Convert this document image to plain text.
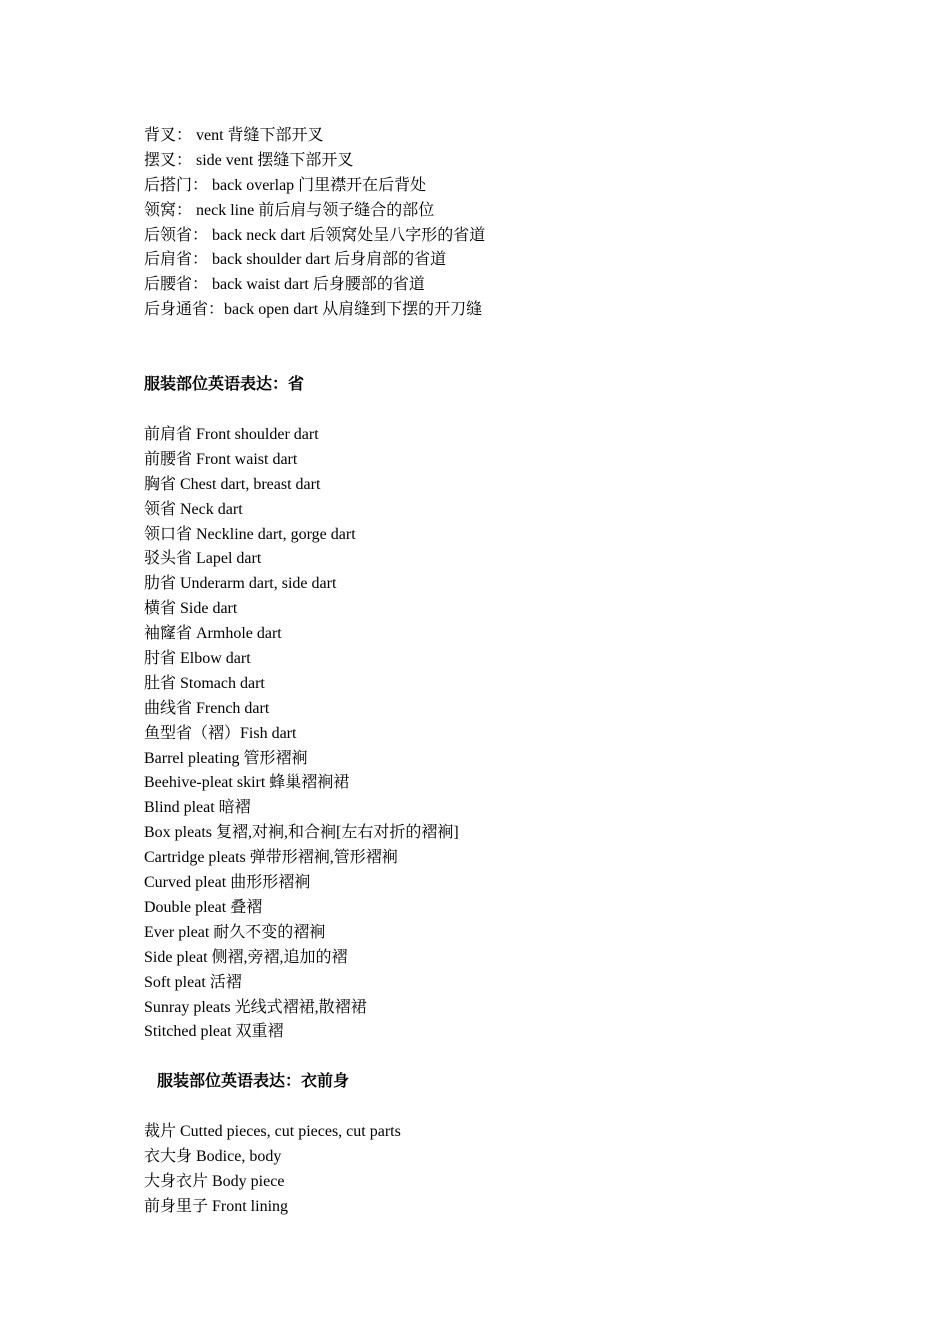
背叉： vent 背缝下部开叉
摆叉： side vent 摆缝下部开叉
后搭门： back overlap 门里襟开在后背处
领窝： neck line 前后肩与领子缝合的部位
后领省： back neck dart 后领窝处呈八字形的省道
后肩省： back shoulder dart 后身肩部的省道
后腰省： back waist dart 后身腰部的省道
后身通省：back open dart 从肩缝到下摆的开刀缝
服装部位英语表达：省
前肩省 Front shoulder dart
前腰省 Front waist dart
胸省 Chest dart, breast dart
领省 Neck dart
领口省 Neckline dart, gorge dart
驳头省 Lapel dart
肋省 Underarm dart, side dart
横省 Side dart
袖窿省 Armhole dart
肘省 Elbow dart
肚省 Stomach dart
曲线省 French dart
鱼型省（褶）Fish dart
Barrel pleating 管形褶裥
Beehive-pleat skirt 蜂巢褶裥裙
Blind pleat 暗褶
Box pleats 复褶,对裥,和合裥[左右对折的褶裥]
Cartridge pleats 弹带形褶裥,管形褶裥
Curved pleat 曲形形褶裥
Double pleat 叠褶
Ever pleat 耐久不变的褶裥
Side pleat 侧褶,旁褶,追加的褶
Soft pleat 活褶
Sunray pleats 光线式褶裙,散褶裙
Stitched pleat 双重褶
服装部位英语表达：衣前身
裁片 Cutted pieces, cut pieces, cut parts
衣大身 Bodice, body
大身衣片 Body piece
前身里子 Front lining
